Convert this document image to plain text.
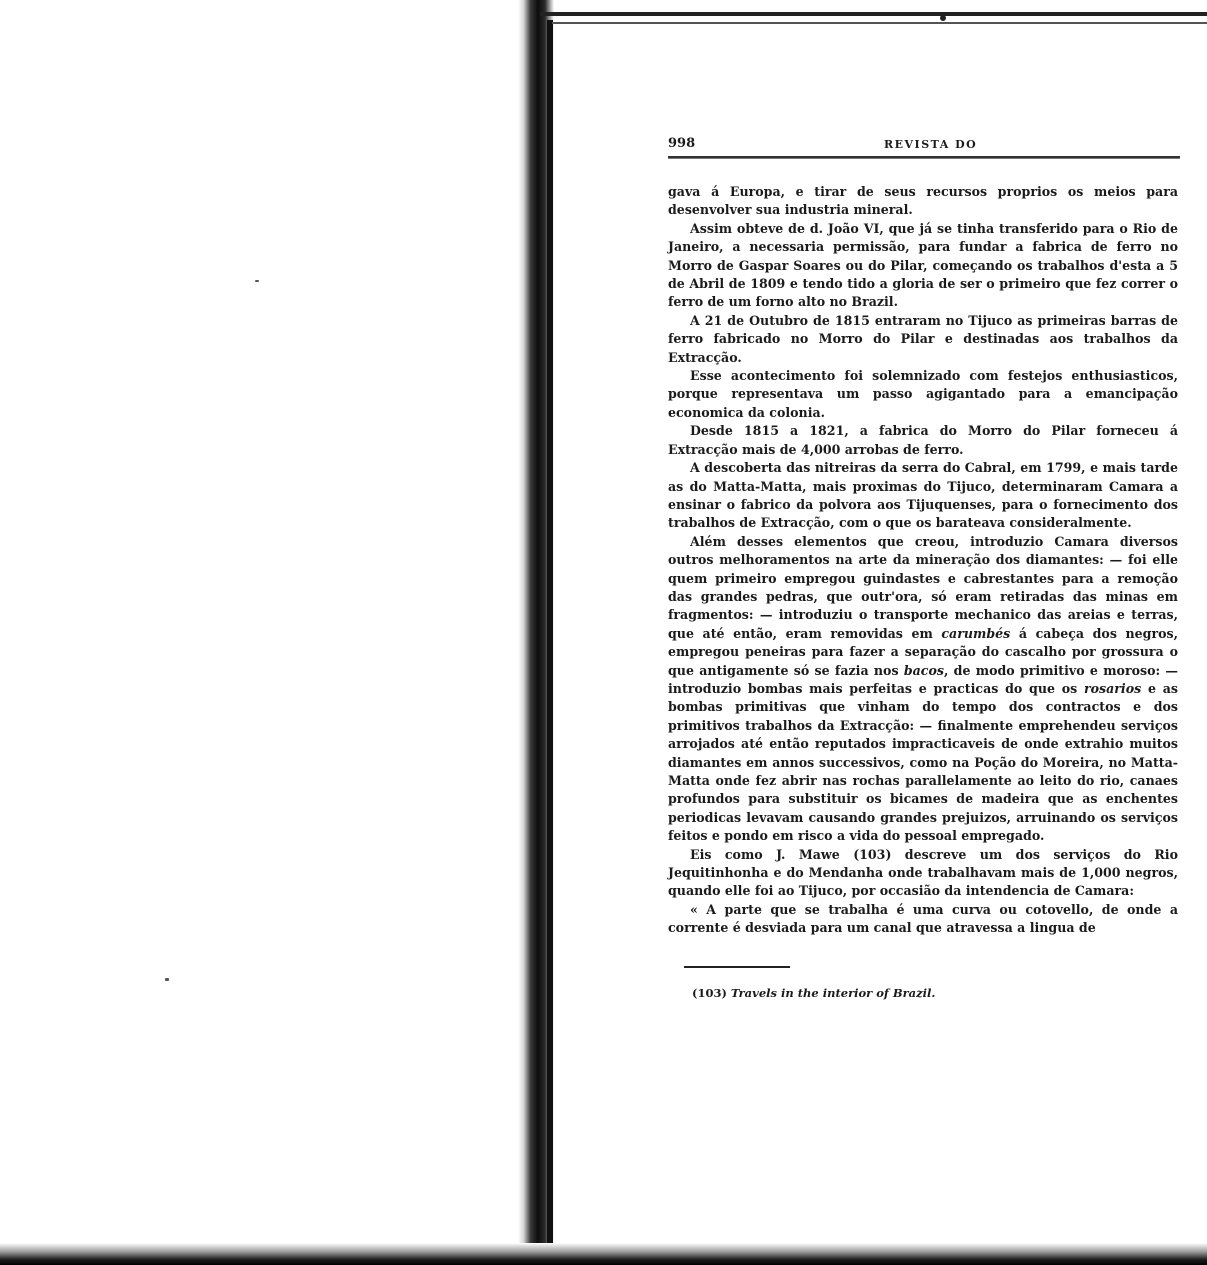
998	REVISTA DO

gava á Europa, e tirar de seus recursos proprios os meios para desenvolver sua industria mineral.

Assim obteve de d. João VI, que já se tinha transferido para o Rio de Janeiro, a necessaria permissão, para fundar a fabrica de ferro no Morro de Gaspar Soares ou do Pilar, começando os trabalhos d'esta a 5 de Abril de 1809 e tendo tido a gloria de ser o primeiro que fez correr o ferro de um forno alto no Brazil.

A 21 de Outubro de 1815 entraram no Tijuco as primeiras barras de ferro fabricado no Morro do Pilar e destinadas aos trabalhos da Extracção.

Esse acontecimento foi solemnizado com festejos enthusiasticos, porque representava um passo agigantado para a emancipação economica da colonia.

Desde 1815 a 1821, a fabrica do Morro do Pilar forneceu á Extracção mais de 4,000 arrobas de ferro.

A descoberta das nitreiras da serra do Cabral, em 1799, e mais tarde as do Matta-Matta, mais proximas do Tijuco, determinaram Camara a ensinar o fabrico da polvora aos Tijuquenses, para o fornecimento dos trabalhos de Extracção, com o que os barateava consideralmente.

Além desses elementos que creou, introduzio Camara diversos outros melhoramentos na arte da mineração dos diamantes: — foi elle quem primeiro empregou guindastes e cabrestantes para a remoção das grandes pedras, que outr'ora, só eram retiradas das minas em fragmentos: — introduziu o transporte mechanico das areias e terras, que até então, eram removidas em carumbés á cabeça dos negros, empregou peneiras para fazer a separação do cascalho por grossura o que antigamente só se fazia nos bacos, de modo primitivo e moroso: — introduzio bombas mais perfeitas e practicas do que os rosarios e as bombas primitivas que vinham do tempo dos contractos e dos primitivos trabalhos da Extracção: — finalmente emprehendeu serviços arrojados até então reputados impracticaveis de onde extrahio muitos diamantes em annos successivos, como na Poção do Moreira, no Matta-Matta onde fez abrir nas rochas parallelamente ao leito do rio, canaes profundos para substituir os bicames de madeira que as enchentes periodicas levavam causando grandes prejuizos, arruinando os serviços feitos e pondo em risco a vida do pessoal empregado.

Eis como J. Mawe (103) descreve um dos serviços do Rio Jequitinhonha e do Mendanha onde trabalhavam mais de 1,000 negros, quando elle foi ao Tijuco, por occasião da intendencia de Camara:

« A parte que se trabalha é uma curva ou cotovello, de onde a corrente é desviada para um canal que atravessa a lingua de

(103) Travels in the interior of Brazil.
